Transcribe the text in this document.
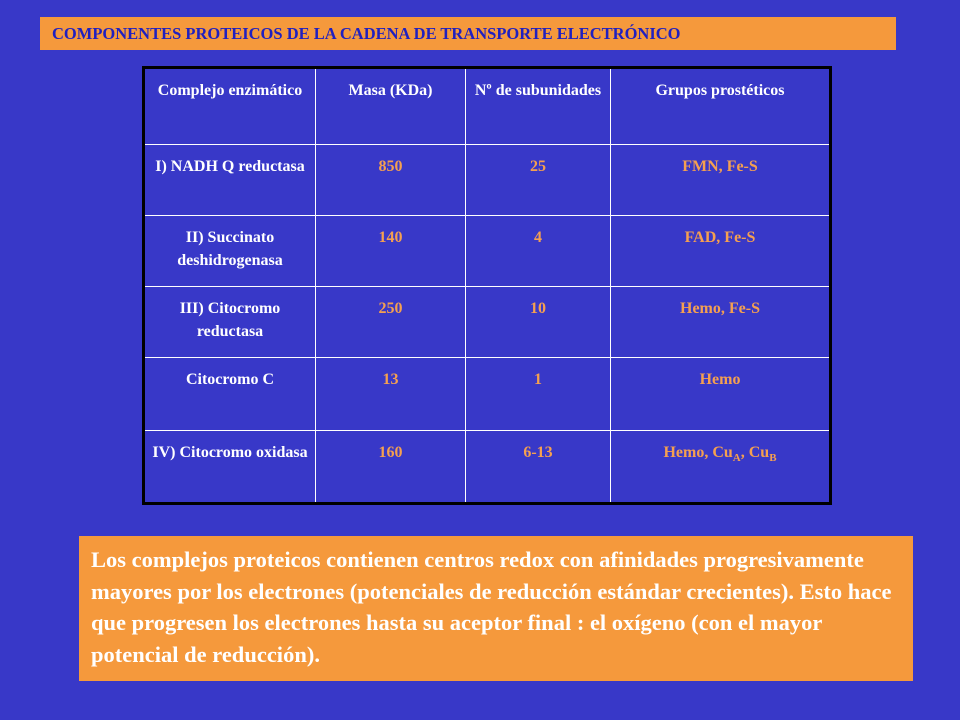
COMPONENTES PROTEICOS DE LA CADENA DE TRANSPORTE ELECTRÓNICO
Complejo enzimático	Masa (KDa)	Nº de subunidades	Grupos prostéticos
I) NADH Q reductasa	850	25	FMN, Fe-S
II) Succinato deshidrogenasa	140	4	FAD, Fe-S
III) Citocromo reductasa	250	10	Hemo, Fe-S
Citocromo C	13	1	Hemo
IV) Citocromo oxidasa	160	6-13	Hemo, $Cu_A$, $Cu_B$
Los complejos proteicos contienen centros redox con afinidades progresivamente mayores por los electrones (potenciales de reducción estándar crecientes). Esto hace que progresen los electrones hasta su aceptor final : el oxígeno (con el mayor potencial de reducción).
